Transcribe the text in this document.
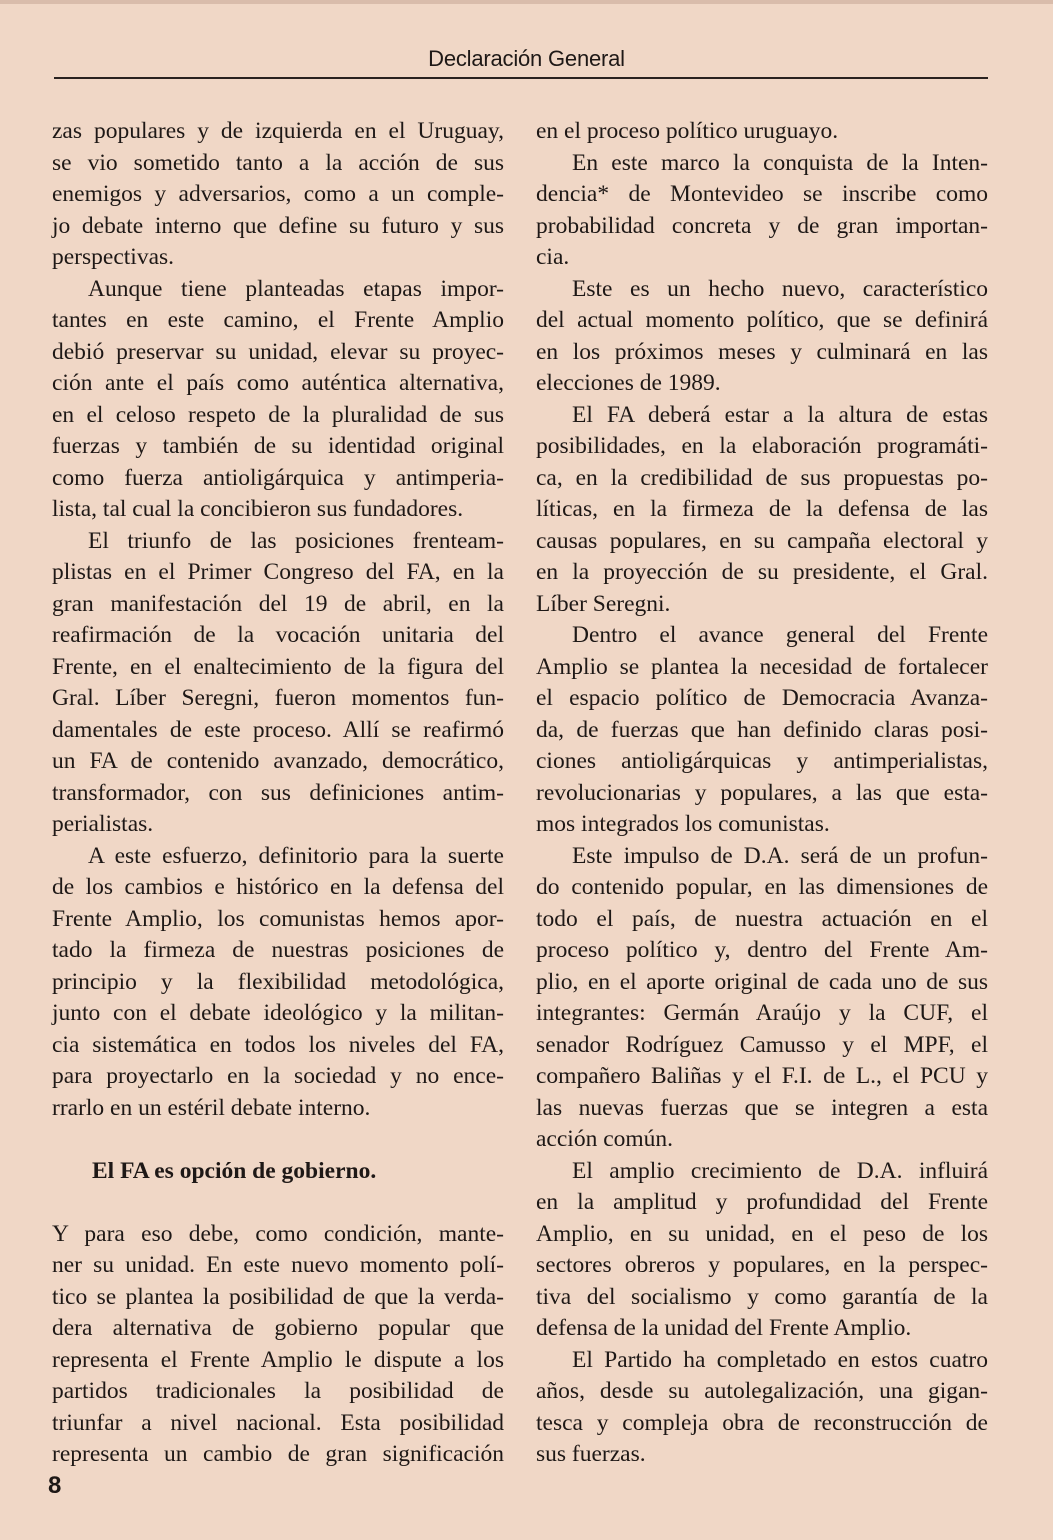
Declaración General
zas populares y de izquierda en el Uruguay,
se vio sometido tanto a la acción de sus
enemigos y adversarios, como a un comple-
jo debate interno que define su futuro y sus
perspectivas.
Aunque tiene planteadas etapas impor-
tantes en este camino, el Frente Amplio
debió preservar su unidad, elevar su proyec-
ción ante el país como auténtica alternativa,
en el celoso respeto de la pluralidad de sus
fuerzas y también de su identidad original
como fuerza antioligárquica y antimperia-
lista, tal cual la concibieron sus fundadores.
El triunfo de las posiciones frenteam-
plistas en el Primer Congreso del FA, en la
gran manifestación del 19 de abril, en la
reafirmación de la vocación unitaria del
Frente, en el enaltecimiento de la figura del
Gral. Líber Seregni, fueron momentos fun-
damentales de este proceso. Allí se reafirmó
un FA de contenido avanzado, democrático,
transformador, con sus definiciones antim-
perialistas.
A este esfuerzo, definitorio para la suerte
de los cambios e histórico en la defensa del
Frente Amplio, los comunistas hemos apor-
tado la firmeza de nuestras posiciones de
principio y la flexibilidad metodológica,
junto con el debate ideológico y la militan-
cia sistemática en todos los niveles del FA,
para proyectarlo en la sociedad y no ence-
rrarlo en un estéril debate interno.
El FA es opción de gobierno.
Y para eso debe, como condición, mante-
ner su unidad. En este nuevo momento polí-
tico se plantea la posibilidad de que la verda-
dera alternativa de gobierno popular que
representa el Frente Amplio le dispute a los
partidos tradicionales la posibilidad de
triunfar a nivel nacional. Esta posibilidad
representa un cambio de gran significación
en el proceso político uruguayo.
En este marco la conquista de la Inten-
dencia* de Montevideo se inscribe como
probabilidad concreta y de gran importan-
cia.
Este es un hecho nuevo, característico
del actual momento político, que se definirá
en los próximos meses y culminará en las
elecciones de 1989.
El FA deberá estar a la altura de estas
posibilidades, en la elaboración programáti-
ca, en la credibilidad de sus propuestas po-
líticas, en la firmeza de la defensa de las
causas populares, en su campaña electoral y
en la proyección de su presidente, el Gral.
Líber Seregni.
Dentro el avance general del Frente
Amplio se plantea la necesidad de fortalecer
el espacio político de Democracia Avanza-
da, de fuerzas que han definido claras posi-
ciones antioligárquicas y antimperialistas,
revolucionarias y populares, a las que esta-
mos integrados los comunistas.
Este impulso de D.A. será de un profun-
do contenido popular, en las dimensiones de
todo el país, de nuestra actuación en el
proceso político y, dentro del Frente Am-
plio, en el aporte original de cada uno de sus
integrantes: Germán Araújo y la CUF, el
senador Rodríguez Camusso y el MPF, el
compañero Baliñas y el F.I. de L., el PCU y
las nuevas fuerzas que se integren a esta
acción común.
El amplio crecimiento de D.A. influirá
en la amplitud y profundidad del Frente
Amplio, en su unidad, en el peso de los
sectores obreros y populares, en la perspec-
tiva del socialismo y como garantía de la
defensa de la unidad del Frente Amplio.
El Partido ha completado en estos cuatro
años, desde su autolegalización, una gigan-
tesca y compleja obra de reconstrucción de
sus fuerzas.
8
